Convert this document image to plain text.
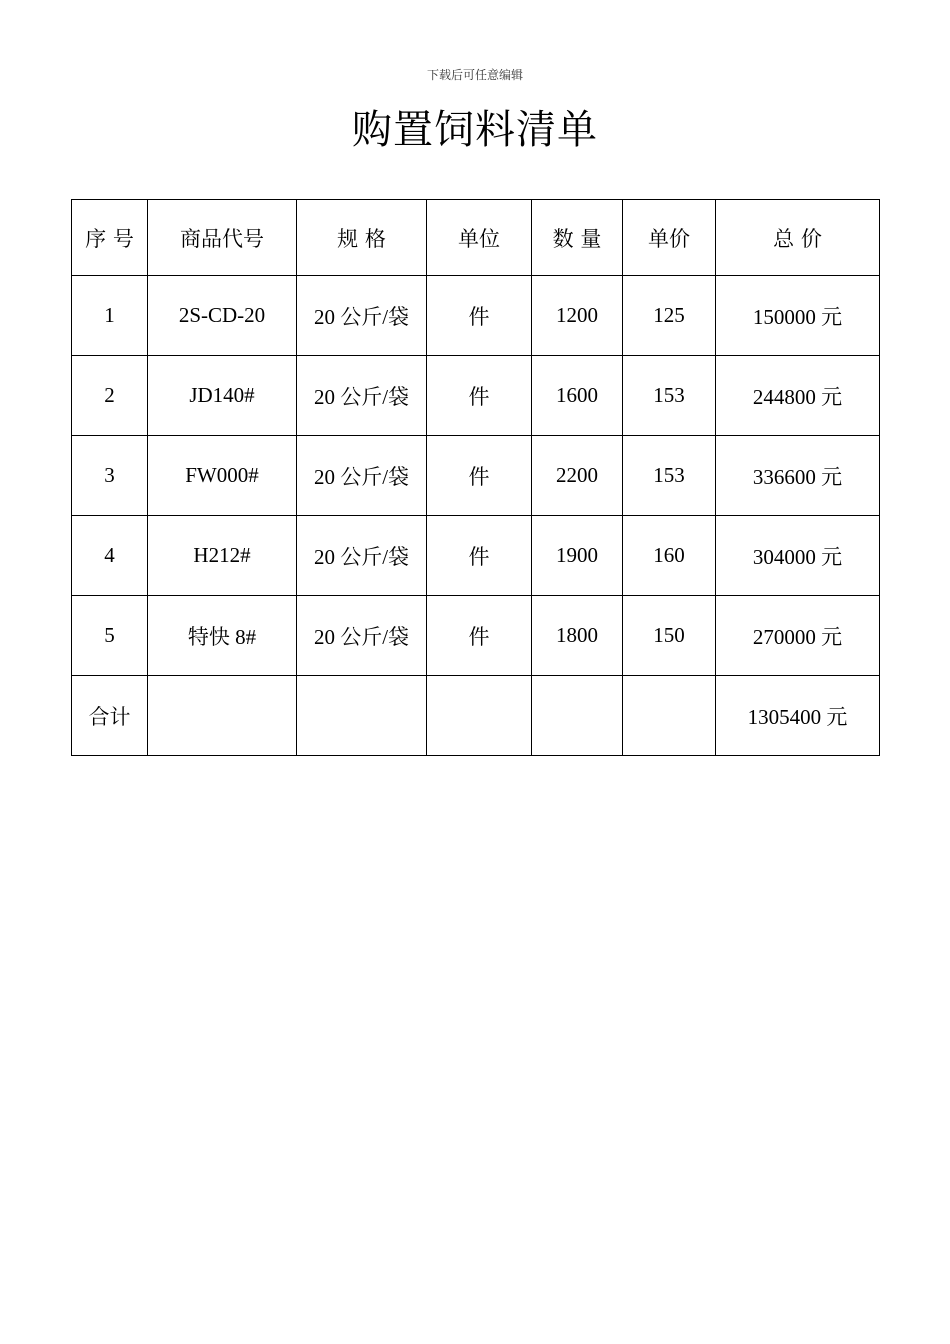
下载后可任意编辑
购置饲料清单
序 号	商品代号	规 格	单位	数 量	单价	总 价
1	2S-CD-20	20 公斤/袋	件	1200	125	150000 元
2	JD140#	20 公斤/袋	件	1600	153	244800 元
3	FW000#	20 公斤/袋	件	2200	153	336600 元
4	H212#	20 公斤/袋	件	1900	160	304000 元
5	特快 8#	20 公斤/袋	件	1800	150	270000 元
合计						1305400 元
